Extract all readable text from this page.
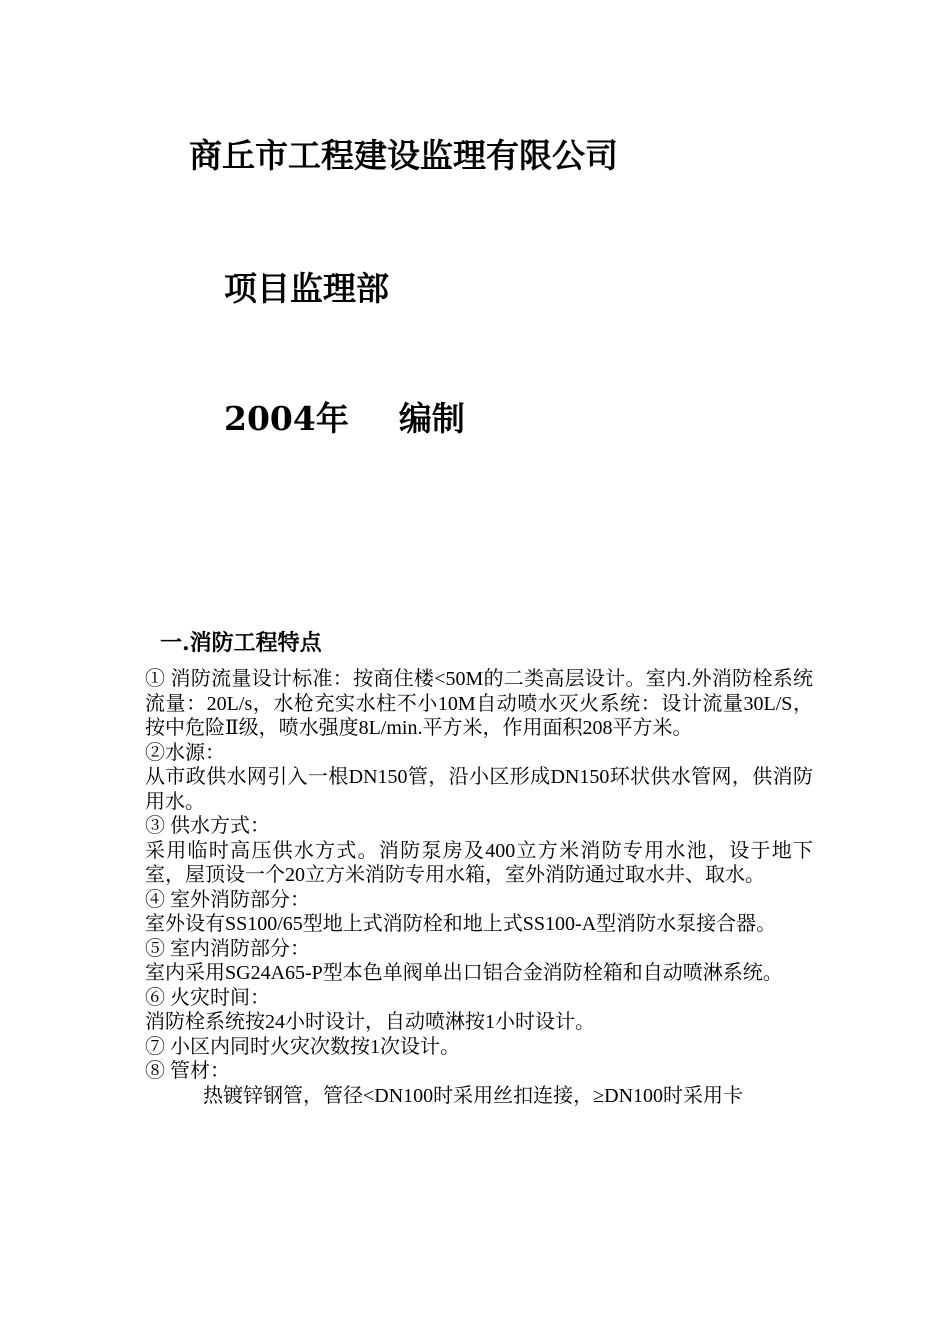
商丘市工程建设监理有限公司
项目监理部
2004年 编制
一.消防工程特点

① 消防流量设计标准：按商住楼<50M的二类高层设计。室内.外消防栓系统流量：20L/s，水枪充实水柱不小10M自动喷水灭火系统：设计流量30L/S，按中危险Ⅱ级，喷水强度8L/min.平方米，作用面积208平方米。

②水源：

从市政供水网引入一根DN150管，沿小区形成DN150环状供水管网，供消防用水。

③ 供水方式：

采用临时高压供水方式。消防泵房及400立方米消防专用水池，设于地下室，屋顶设一个20立方米消防专用水箱，室外消防通过取水井、取水。

④ 室外消防部分：

室外设有SS100/65型地上式消防栓和地上式SS100-A型消防水泵接合器。

⑤ 室内消防部分：

室内采用SG24A65-P型本色单阀单出口铝合金消防栓箱和自动喷淋系统。

⑥ 火灾时间：

消防栓系统按24小时设计，自动喷淋按1小时设计。

⑦ 小区内同时火灾次数按1次设计。

⑧ 管材：

热镀锌钢管，管径<DN100时采用丝扣连接，≥DN100时采用卡
